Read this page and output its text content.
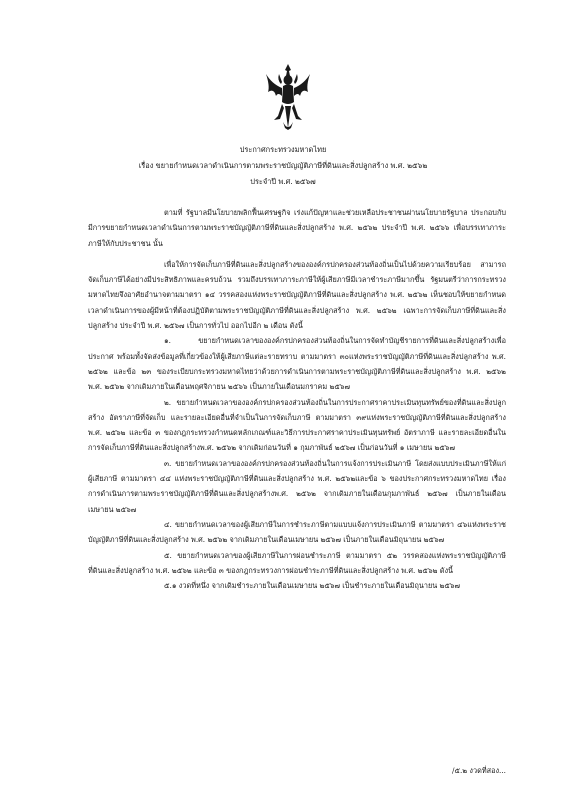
ประกาศกระทรวงมหาดไทย
เรื่อง ขยายกำหนดเวลาดำเนินการตามพระราชบัญญัติภาษีที่ดินและสิ่งปลูกสร้าง พ.ศ. ๒๕๖๒
ประจำปี พ.ศ. ๒๕๖๗

ตามที่ รัฐบาลมีนโยบายพลิกฟื้นเศรษฐกิจ เร่งแก้ปัญหาและช่วยเหลือประชาชนผ่านนโยบายรัฐบาล ประกอบกับมีการขยายกำหนดเวลาดำเนินการตามพระราชบัญญัติภาษีที่ดินและสิ่งปลูกสร้าง พ.ศ. ๒๕๖๒ ประจำปี พ.ศ. ๒๕๖๖ เพื่อบรรเทาภาระภาษีให้กับประชาชน นั้น

เพื่อให้การจัดเก็บภาษีที่ดินและสิ่งปลูกสร้างขององค์กรปกครองส่วนท้องถิ่นเป็นไปด้วยความเรียบร้อย สามารถจัดเก็บภาษีได้อย่างมีประสิทธิภาพและครบถ้วน รวมถึงบรรเทาภาระภาษีให้ผู้เสียภาษีมีเวลาชำระภาษีมากขึ้น รัฐมนตรีว่าการกระทรวงมหาดไทยจึงอาศัยอำนาจตามมาตรา ๑๔ วรรคสองแห่งพระราชบัญญัติภาษีที่ดินและสิ่งปลูกสร้าง พ.ศ. ๒๕๖๒ เห็นชอบให้ขยายกำหนดเวลาดำเนินการของผู้มีหน้าที่ต้องปฏิบัติตามพระราชบัญญัติภาษีที่ดินและสิ่งปลูกสร้าง พ.ศ. ๒๕๖๒ เฉพาะการจัดเก็บภาษีที่ดินและสิ่งปลูกสร้าง ประจำปี พ.ศ. ๒๕๖๗ เป็นการทั่วไป ออกไปอีก ๒ เดือน ดังนี้

๑. ขยายกำหนดเวลาขององค์กรปกครองส่วนท้องถิ่นในการจัดทำบัญชีรายการที่ดินและสิ่งปลูกสร้างเพื่อประกาศ พร้อมทั้งจัดส่งข้อมูลที่เกี่ยวข้องให้ผู้เสียภาษีแต่ละรายทราบ ตามมาตรา ๓๐แห่งพระราชบัญญัติภาษีที่ดินและสิ่งปลูกสร้าง พ.ศ. ๒๕๖๒ และข้อ ๒๓ ของระเบียบกระทรวงมหาดไทยว่าด้วยการดำเนินการตามพระราชบัญญัติภาษีที่ดินและสิ่งปลูกสร้าง พ.ศ. ๒๕๖๒ พ.ศ. ๒๕๖๒ จากเดิมภายในเดือนพฤศจิกายน ๒๕๖๖ เป็นภายในเดือนมกราคม ๒๕๖๗

๒. ขยายกำหนดเวลาขององค์กรปกครองส่วนท้องถิ่นในการประกาศราคาประเมินทุนทรัพย์ของที่ดินและสิ่งปลูกสร้าง อัตราภาษีที่จัดเก็บ และรายละเอียดอื่นที่จำเป็นในการจัดเก็บภาษี ตามมาตรา ๓๙แห่งพระราชบัญญัติภาษีที่ดินและสิ่งปลูกสร้าง พ.ศ. ๒๕๖๒ และข้อ ๓ ของกฎกระทรวงกำหนดหลักเกณฑ์และวิธีการประกาศราคาประเมินทุนทรัพย์ อัตราภาษี และรายละเอียดอื่นในการจัดเก็บภาษีที่ดินและสิ่งปลูกสร้างพ.ศ. ๒๕๖๒ จากเดิมก่อนวันที่ ๑ กุมภาพันธ์ ๒๕๖๗ เป็นก่อนวันที่ ๑ เมษายน ๒๕๖๗

๓. ขยายกำหนดเวลาขององค์กรปกครองส่วนท้องถิ่นในการแจ้งการประเมินภาษี โดยส่งแบบประเมินภาษีให้แก่ผู้เสียภาษี ตามมาตรา ๔๔ แห่งพระราชบัญญัติภาษีที่ดินและสิ่งปลูกสร้าง พ.ศ. ๒๕๖๒และข้อ ๖ ของประกาศกระทรวงมหาดไทย เรื่อง การดำเนินการตามพระราชบัญญัติภาษีที่ดินและสิ่งปลูกสร้างพ.ศ. ๒๕๖๒ จากเดิมภายในเดือนกุมภาพันธ์ ๒๕๖๗ เป็นภายในเดือนเมษายน ๒๕๖๗

๔. ขยายกำหนดเวลาของผู้เสียภาษีในการชำระภาษีตามแบบแจ้งการประเมินภาษี ตามมาตรา ๔๖แห่งพระราชบัญญัติภาษีที่ดินและสิ่งปลูกสร้าง พ.ศ. ๒๕๖๒ จากเดิมภายในเดือนเมษายน ๒๕๖๗ เป็นภายในเดือนมิถุนายน ๒๕๖๗

๕. ขยายกำหนดเวลาของผู้เสียภาษีในการผ่อนชำระภาษี ตามมาตรา ๕๒ วรรคสองแห่งพระราชบัญญัติภาษีที่ดินและสิ่งปลูกสร้าง พ.ศ. ๒๕๖๒ และข้อ ๓ ของกฎกระทรวงการผ่อนชำระภาษีที่ดินและสิ่งปลูกสร้าง พ.ศ. ๒๕๖๒ ดังนี้

๕.๑ งวดที่หนึ่ง จากเดิมชำระภายในเดือนเมษายน ๒๕๖๗ เป็นชำระภายในเดือนมิถุนายน ๒๕๖๗

/๕.๒ งวดที่สอง...
